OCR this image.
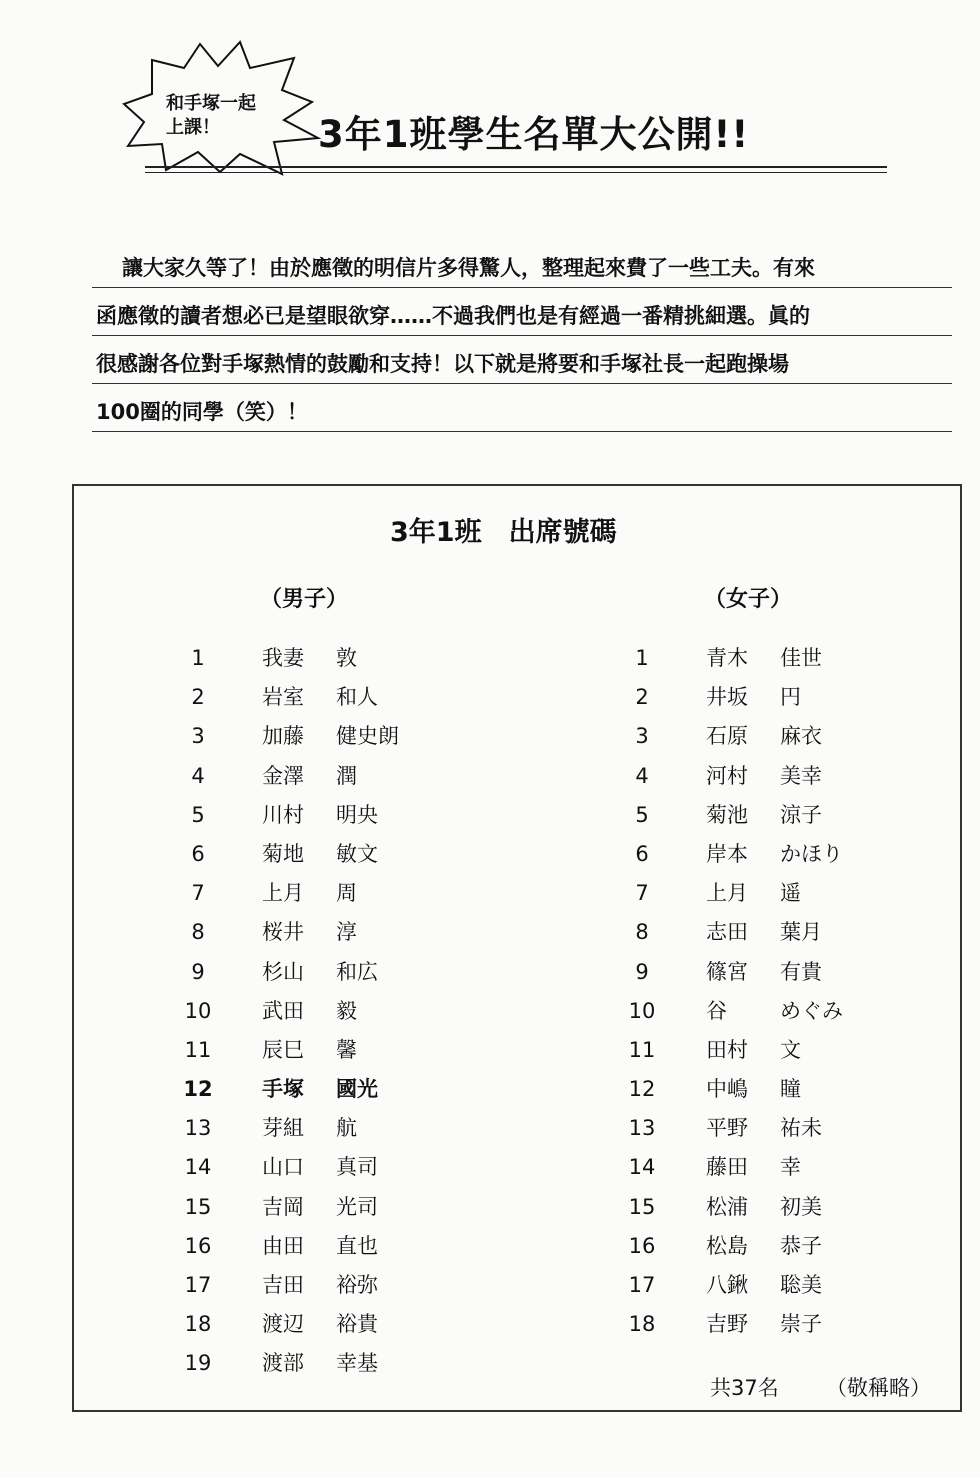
和手塚一起
上課！	3年1班學生名單大公開!!
讓大家久等了！由於應徵的明信片多得驚人，整理起來費了一些工夫。有來
函應徵的讀者想必已是望眼欲穿……不過我們也是有經過一番精挑細選。眞的
很感謝各位對手塚熱情的鼓勵和支持！以下就是將要和手塚社長一起跑操場
100圈的同學（笑）！
3年1班　出席號碼
（男子）	（女子）
1	我妻 敦
2	岩室 和人
3	加藤 健史朗
4	金澤 潤
5	川村 明央
6	菊地 敏文
7	上月 周
8	桜井 淳
9	杉山 和広
10	武田 毅
11	辰巳 馨
12 手塚 國光
13	芽組 航
14	山口 真司
15	吉岡 光司
16	由田 直也
17	吉田 裕弥
18	渡辺 裕貴
19	渡部 幸基
1	青木 佳世
2	井坂 円
3	石原 麻衣
4	河村 美幸
5	菊池 涼子
6	岸本 かほり
7	上月 遥
8	志田 葉月
9	篠宮 有貴
10	谷	めぐみ
11	田村 文
12	中嶋 瞳
13	平野 祐未
14	藤田 幸
15	松浦 初美
16	松島 恭子
17	八鍬 聡美
18	吉野 崇子
共37名 （敬稱略）
